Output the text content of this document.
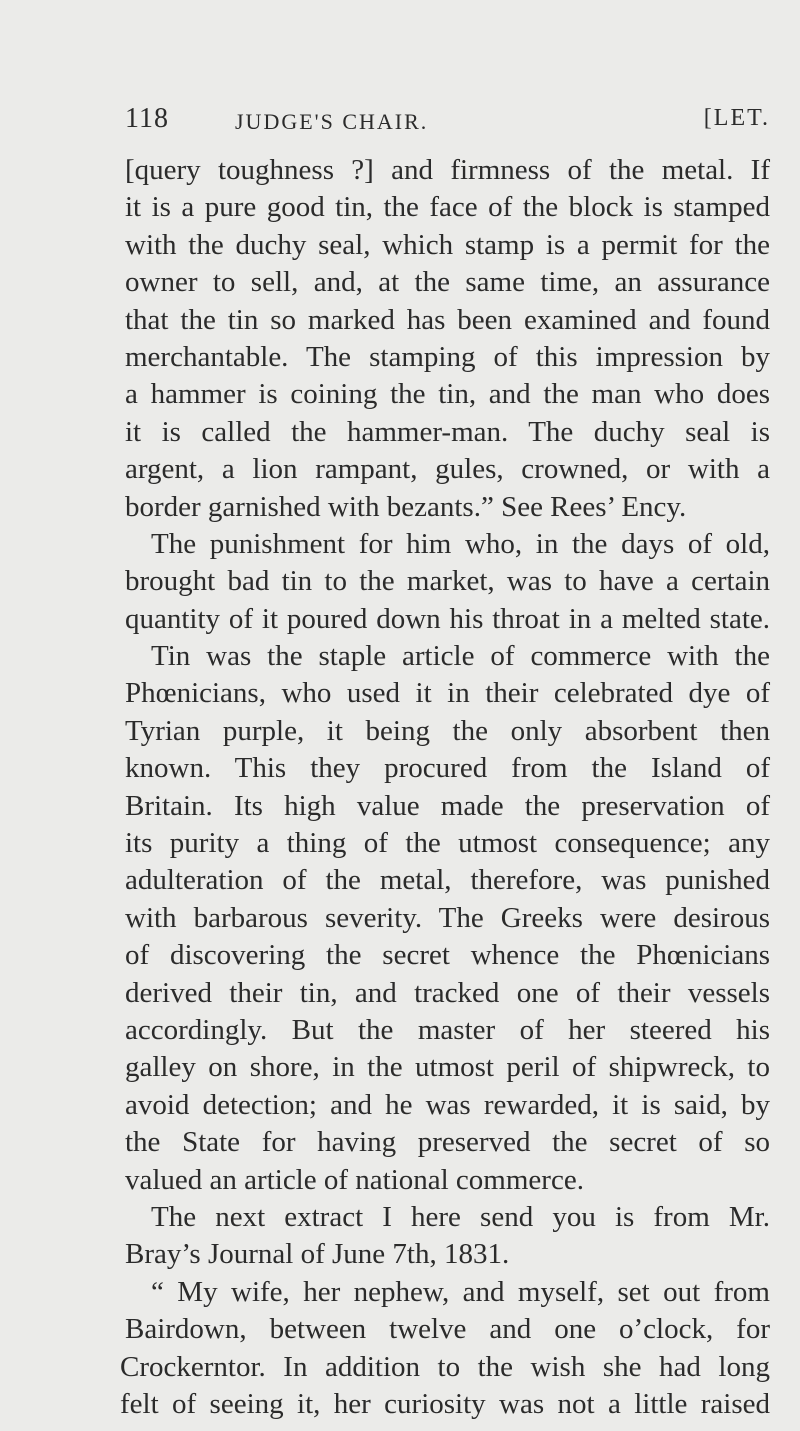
118	JUDGE'S CHAIR.	[LET.
[query toughness ?] and firmness of the metal. If
it is a pure good tin, the face of the block is stamped
with the duchy seal, which stamp is a permit for the
owner to sell, and, at the same time, an assurance
that the tin so marked has been examined and found
merchantable. The stamping of this impression by
a hammer is coining the tin, and the man who does
it is called the hammer-man. The duchy seal is
argent, a lion rampant, gules, crowned, or with a
border garnished with bezants.” See Rees’ Ency.
The punishment for him who, in the days of old,
brought bad tin to the market, was to have a certain
quantity of it poured down his throat in a melted state.
Tin was the staple article of commerce with the
Phœnicians, who used it in their celebrated dye of
Tyrian purple, it being the only absorbent then
known. This they procured from the Island of
Britain. Its high value made the preservation of
its purity a thing of the utmost consequence; any
adulteration of the metal, therefore, was punished
with barbarous severity. The Greeks were desirous
of discovering the secret whence the Phœnicians
derived their tin, and tracked one of their vessels
accordingly. But the master of her steered his
galley on shore, in the utmost peril of shipwreck, to
avoid detection; and he was rewarded, it is said, by
the State for having preserved the secret of so
valued an article of national commerce.
The next extract I here send you is from Mr.
Bray’s Journal of June 7th, 1831.
“ My wife, her nephew, and myself, set out from
Bairdown, between twelve and one o’clock, for
Crockerntor. In addition to the wish she had long
felt of seeing it, her curiosity was not a little raised
